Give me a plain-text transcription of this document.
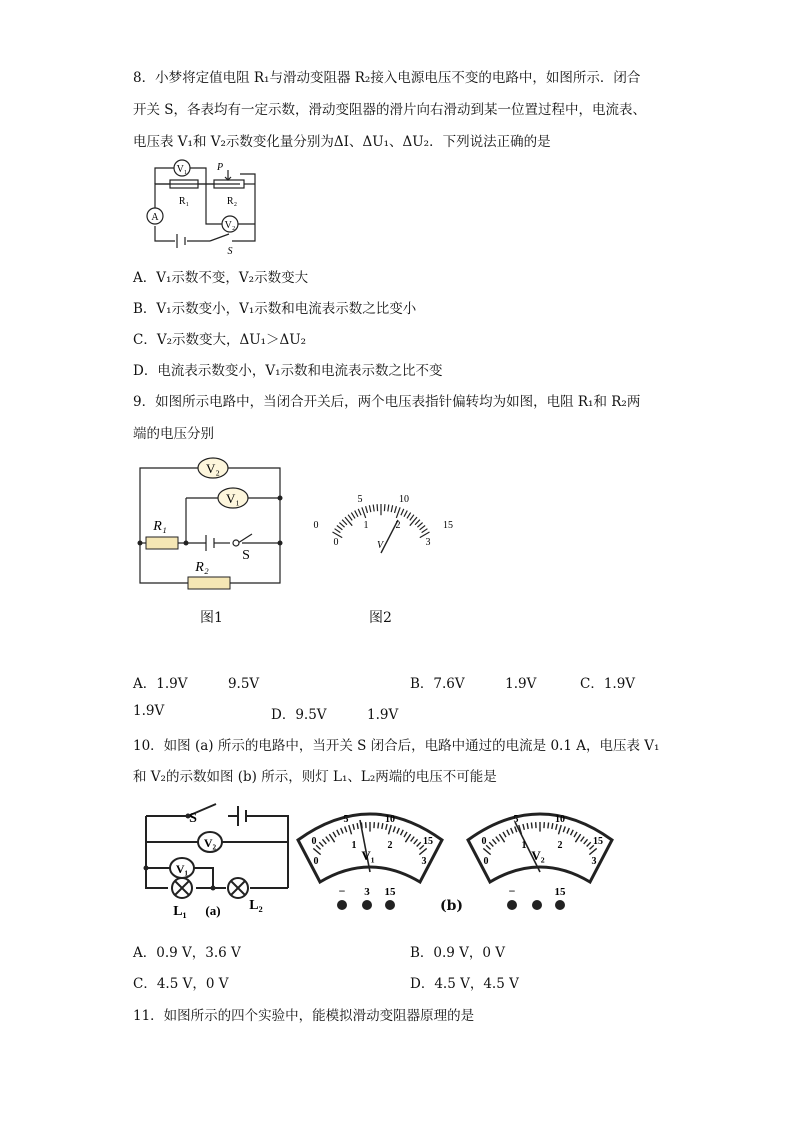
8．小梦将定值电阻 R₁与滑动变阻器 R₂接入电源电压不变的电路中，如图所示．闭合
开关 S，各表均有一定示数，滑动变阻器的滑片向右滑动到某一位置过程中，电流表、
电压表 V₁和 V₂示数变化量分别为ΔI、ΔU₁、ΔU₂．下列说法正确的是
V₁
A
V₂
R₁	R₂
P
S
A．V₁示数不变，V₂示数变大
B．V₁示数变小，V₁示数和电流表示数之比变小
C．V₂示数变大，ΔU₁＞ΔU₂
D．电流表示数变小，V₁示数和电流表示数之比不变
9．如图所示电路中，当闭合开关后，两个电压表指针偏转均为如图，电阻 R₁和 R₂两
端的电压分别
V₂
V₁
R₁
R₂
S
0
5	10
15
0
1	2
3
V
图1	图2
A．1.9V　　　9.5V	B．7.6V　　　1.9V	C．1.9V
1.9V	D．9.5V　　　1.9V
10．如图 (a) 所示的电路中，当开关 S 闭合后，电路中通过的电流是 0.1 A，电压表 V₁
和 V₂的示数如图 (b) 所示，则灯 L₁、L₂两端的电压不可能是
S
V₂
V₁
L₁	L₂
(a)
0
5	10
15
0
1	2
3
V₁
− 3 15
(b)
0
5	10
15
0
1	2
3
V₂
−	15
A．0.9 V，3.6 V	B．0.9 V，0 V
C．4.5 V，0 V	D．4.5 V，4.5 V
11．如图所示的四个实验中，能模拟滑动变阻器原理的是
